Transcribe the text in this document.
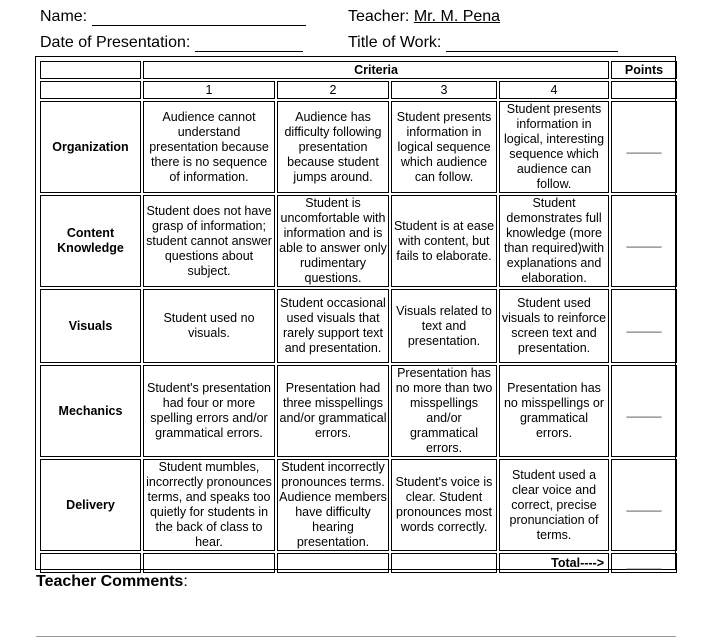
Name:	Teacher: Mr. M. Pena
Date of Presentation:	Title of Work:
	Criteria				Points
	1	2	3	4	
Organization	Audience cannot understand presentation because there is no sequence of information.	Audience has difficulty following presentation because student jumps around.	Student presents information in logical sequence which audience can follow.	Student presents information in logical, interesting sequence which audience can follow.	_____
Content Knowledge	Student does not have grasp of information; student cannot answer questions about subject.	Student is uncomfortable with information and is able to answer only rudimentary questions.	Student is at ease with content, but fails to elaborate.	Student demonstrates full knowledge (more than required)with explanations and elaboration.	_____
Visuals	Student used no visuals.	Student occasional used visuals that rarely support text and presentation.	Visuals related to text and presentation.	Student used visuals to reinforce screen text and presentation.	_____
Mechanics	Student's presentation had four or more spelling errors and/or grammatical errors.	Presentation had three misspellings and/or grammatical errors.	Presentation has no more than two misspellings and/or grammatical errors.	Presentation has no misspellings or grammatical errors.	_____
Delivery	Student mumbles, incorrectly pronounces terms, and speaks too quietly for students in the back of class to hear.	Student incorrectly pronounces terms. Audience members have difficulty hearing presentation.	Student's voice is clear. Student pronounces most words correctly.	Student used a clear voice and correct, precise pronunciation of terms.	_____
				Total---->	_____
Teacher Comments:
